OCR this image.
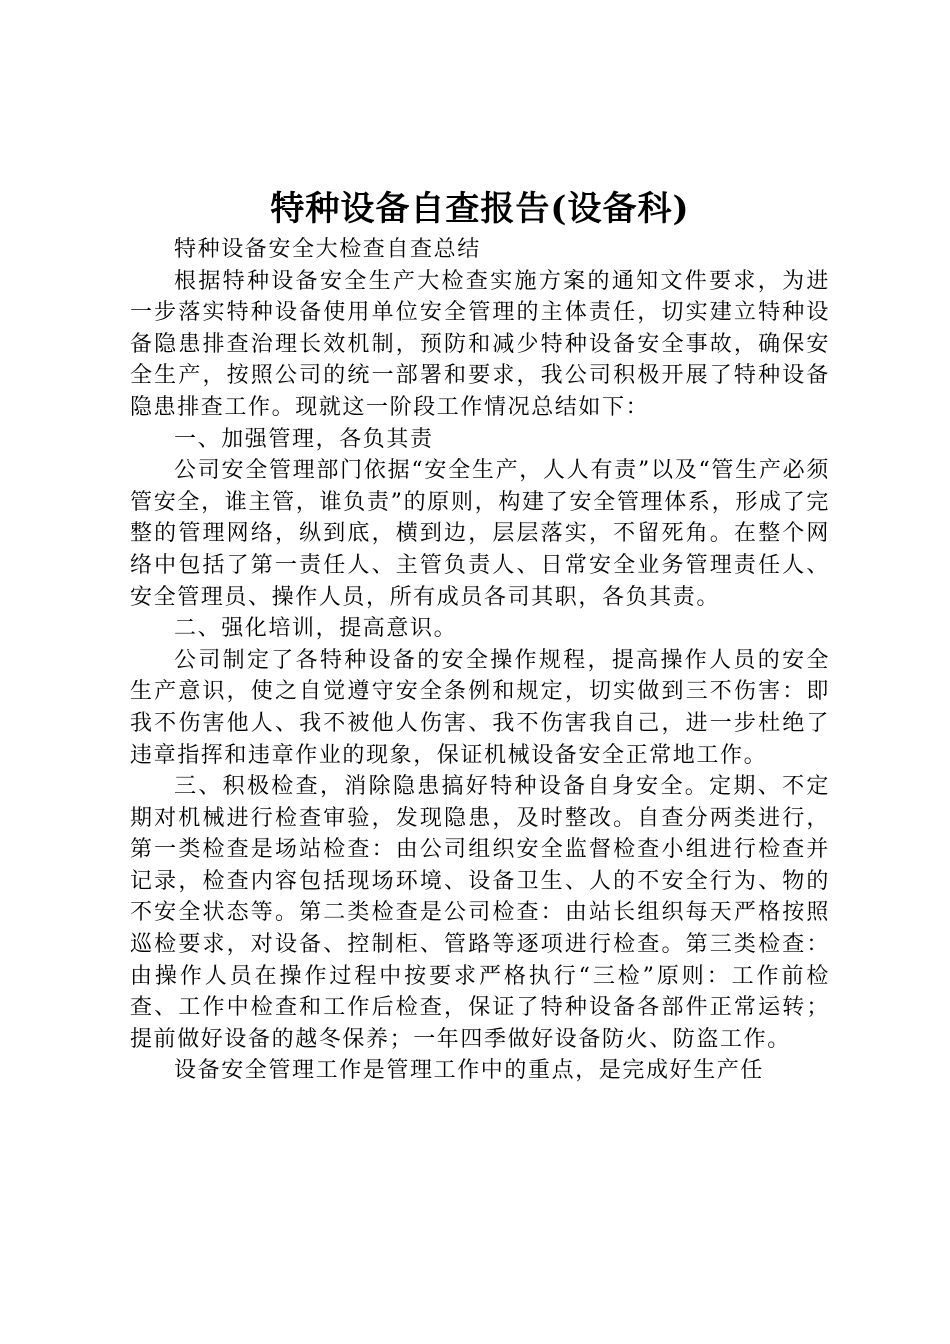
特种设备自查报告(设备科)

特种设备安全大检查自查总结

根据特种设备安全生产大检查实施方案的通知文件要求，为进一步落实特种设备使用单位安全管理的主体责任，切实建立特种设备隐患排查治理长效机制，预防和减少特种设备安全事故，确保安全生产，按照公司的统一部署和要求，我公司积极开展了特种设备隐患排查工作。现就这一阶段工作情况总结如下：

一、加强管理，各负其责

公司安全管理部门依据“安全生产，人人有责”以及“管生产必须管安全，谁主管，谁负责”的原则，构建了安全管理体系，形成了完整的管理网络，纵到底，横到边，层层落实，不留死角。在整个网络中包括了第一责任人、主管负责人、日常安全业务管理责任人、安全管理员、操作人员，所有成员各司其职，各负其责。

二、强化培训，提高意识。

公司制定了各特种设备的安全操作规程，提高操作人员的安全生产意识，使之自觉遵守安全条例和规定，切实做到三不伤害：即我不伤害他人、我不被他人伤害、我不伤害我自己，进一步杜绝了违章指挥和违章作业的现象，保证机械设备安全正常地工作。

三、积极检查，消除隐患搞好特种设备自身安全。定期、不定期对机械进行检查审验，发现隐患，及时整改。自查分两类进行，第一类检查是场站检查：由公司组织安全监督检查小组进行检查并记录，检查内容包括现场环境、设备卫生、人的不安全行为、物的不安全状态等。第二类检查是公司检查：由站长组织每天严格按照巡检要求，对设备、控制柜、管路等逐项进行检查。第三类检查：由操作人员在操作过程中按要求严格执行“三检”原则：工作前检查、工作中检查和工作后检查，保证了特种设备各部件正常运转；提前做好设备的越冬保养；一年四季做好设备防火、防盗工作。

设备安全管理工作是管理工作中的重点，是完成好生产任
